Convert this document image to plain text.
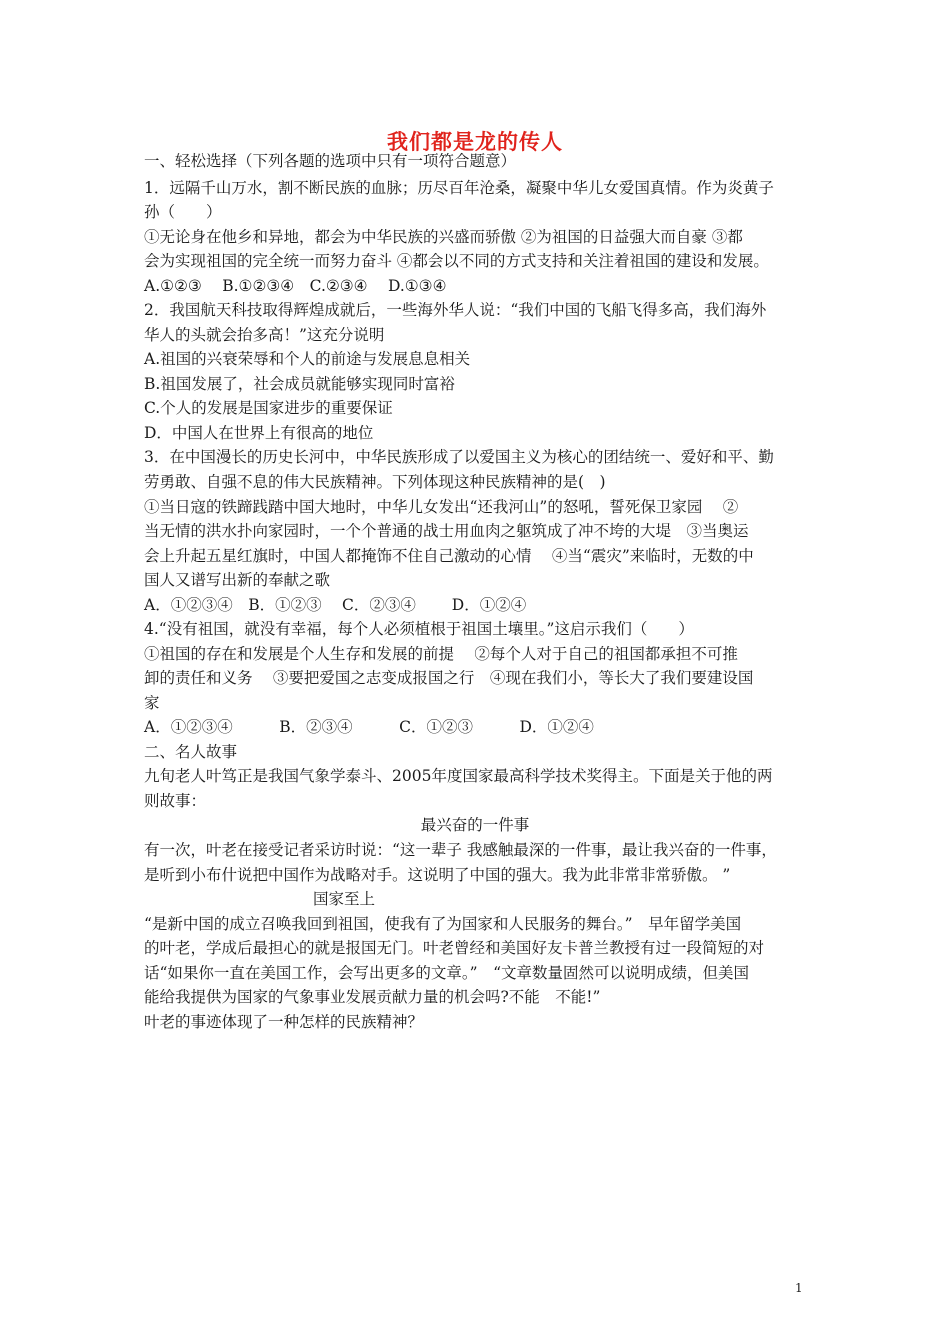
我们都是龙的传人
一、轻松选择（下列各题的选项中只有一项符合题意）
1．远隔千山万水，割不断民族的血脉；历尽百年沧桑，凝聚中华儿女爱国真情。作为炎黄子
孙（　　）
①无论身在他乡和异地，都会为中华民族的兴盛而骄傲 ②为祖国的日益强大而自豪 ③都
会为实现祖国的完全统一而努力奋斗 ④都会以不同的方式支持和关注着祖国的建设和发展。
A.①②③　 B.①②③④　C.②③④　 D.①③④
2．我国航天科技取得辉煌成就后，一些海外华人说：“我们中国的飞船飞得多高，我们海外
华人的头就会抬多高！”这充分说明
A.祖国的兴衰荣辱和个人的前途与发展息息相关
B.祖国发展了，社会成员就能够实现同时富裕
C.个人的发展是国家进步的重要保证
D．中国人在世界上有很高的地位
3．在中国漫长的历史长河中，中华民族形成了以爱国主义为核心的团结统一、爱好和平、勤
劳勇敢、自强不息的伟大民族精神。下列体现这种民族精神的是(　)
①当日寇的铁蹄践踏中国大地时，中华儿女发出“还我河山”的怒吼，誓死保卫家园　 ②
当无情的洪水扑向家园时，一个个普通的战士用血肉之躯筑成了冲不垮的大堤　③当奥运
会上升起五星红旗时，中国人都掩饰不住自己激动的心情　 ④当“震灾”来临时，无数的中
国人又谱写出新的奉献之歌
A．①②③④　B．①②③　 C．②③④　　 D．①②④
4.“没有祖国，就没有幸福，每个人必须植根于祖国土壤里。”这启示我们（　　）
①祖国的存在和发展是个人生存和发展的前提　 ②每个人对于自己的祖国都承担不可推
卸的责任和义务　 ③要把爱国之志变成报国之行　④现在我们小，等长大了我们要建设国
家
A．①②③④　　　B．②③④　　　C．①②③　　　D．①②④
二、名人故事
九旬老人叶笃正是我国气象学泰斗、2005年度国家最高科学技术奖得主。下面是关于他的两
则故事：
最兴奋的一件事
有一次，叶老在接受记者采访时说：“这一辈子 我感触最深的一件事，最让我兴奋的一件事，
是听到小布什说把中国作为战略对手。这说明了中国的强大。我为此非常非常骄傲。 ”
国家至上
“是新中国的成立召唤我回到祖国，使我有了为国家和人民服务的舞台。”　早年留学美国
的叶老，学成后最担心的就是报国无门。叶老曾经和美国好友卡普兰教授有过一段简短的对
话“如果你一直在美国工作，会写出更多的文章。”　“文章数量固然可以说明成绩，但美国
能给我提供为国家的气象事业发展贡献力量的机会吗?不能　不能!”
叶老的事迹体现了一种怎样的民族精神？
1
